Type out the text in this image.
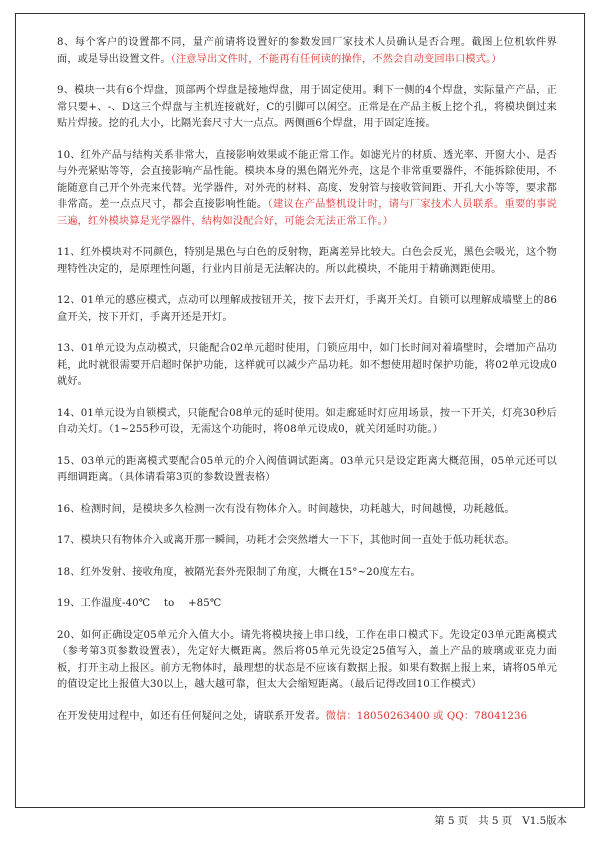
8、每个客户的设置都不同，量产前请将设置好的参数发回厂家技术人员确认是否合理。截图上位机软件界面，或是导出设置文件。（注意导出文件时，不能再有任何读的操作，不然会自动变回串口模式。）

9、模块一共有6个焊盘，顶部两个焊盘是接地焊盘，用于固定使用。剩下一侧的4个焊盘，实际量产产品，正常只要+、-、D这三个焊盘与主机连接就好，C的引脚可以闲空。正常是在产品主板上挖个孔，将模块倒过来贴片焊接。挖的孔大小，比隔光套尺寸大一点点。两侧画6个焊盘，用于固定连接。

10、红外产品与结构关系非常大，直接影响效果或不能正常工作。如滤光片的材质、透光率、开窗大小、是否与外壳紧贴等等，会直接影响产品性能。模块本身的黑色隔光外壳，这是个非常重要器件，不能拆除使用，不能随意自己开个外壳来代替。光学器件，对外壳的材料、高度、发射管与接收管间距、开孔大小等等，要求都非常高。差一点点尺寸，都会直接影响性能。（建议在产品整机设计时，请与厂家技术人员联系。重要的事说三遍，红外模块算是光学器件，结构如没配合好，可能会无法正常工作。）

11、红外模块对不同颜色，特别是黑色与白色的反射物，距离差异比较大。白色会反光，黑色会吸光，这个物理特性决定的，是原理性问题，行业内目前是无法解决的。所以此模块，不能用于精确测距使用。

12、01单元的感应模式，点动可以理解成按钮开关，按下去开灯，手离开关灯。自锁可以理解成墙壁上的86盒开关，按下开灯，手离开还是开灯。

13、01单元设为点动模式，只能配合02单元超时使用，门锁应用中，如门长时间对着墙壁时，会增加产品功耗，此时就很需要开启超时保护功能，这样就可以减少产品功耗。如不想使用超时保护功能，将02单元设成0就好。

14、01单元设为自锁模式，只能配合08单元的延时使用。如走廊延时灯应用场景，按一下开关，灯亮30秒后自动关灯。（1~255秒可设，无需这个功能时，将08单元设成0，就关闭延时功能。）

15、03单元的距离模式要配合05单元的介入阀值调试距离。03单元只是设定距离大概范围，05单元还可以再细调距离。（具体请看第3页的参数设置表格）

16、检测时间，是模块多久检测一次有没有物体介入。时间越快，功耗越大，时间越慢，功耗越低。

17、模块只有物体介入或离开那一瞬间，功耗才会突然增大一下下，其他时间一直处于低功耗状态。

18、红外发射、接收角度，被隔光套外壳限制了角度，大概在15°~20度左右。

19、工作温度-40℃    to    +85℃

20、如何正确设定05单元介入值大小。请先将模块接上串口线，工作在串口模式下。先设定03单元距离模式（参考第3页参数设置表），先定好大概距离。然后将05单元先设定25值写入，盖上产品的玻璃或亚克力面板，打开主动上报区。前方无物体时，最理想的状态是不应该有数据上报。如果有数据上报上来，请将05单元的值设定比上报值大30以上，越大越可靠，但太大会缩短距离。（最后记得改回10工作模式）

在开发使用过程中，如还有任何疑问之处，请联系开发者。微信：18050263400 或 QQ：78041236

第 5 页 共 5 页 V1.5版本
